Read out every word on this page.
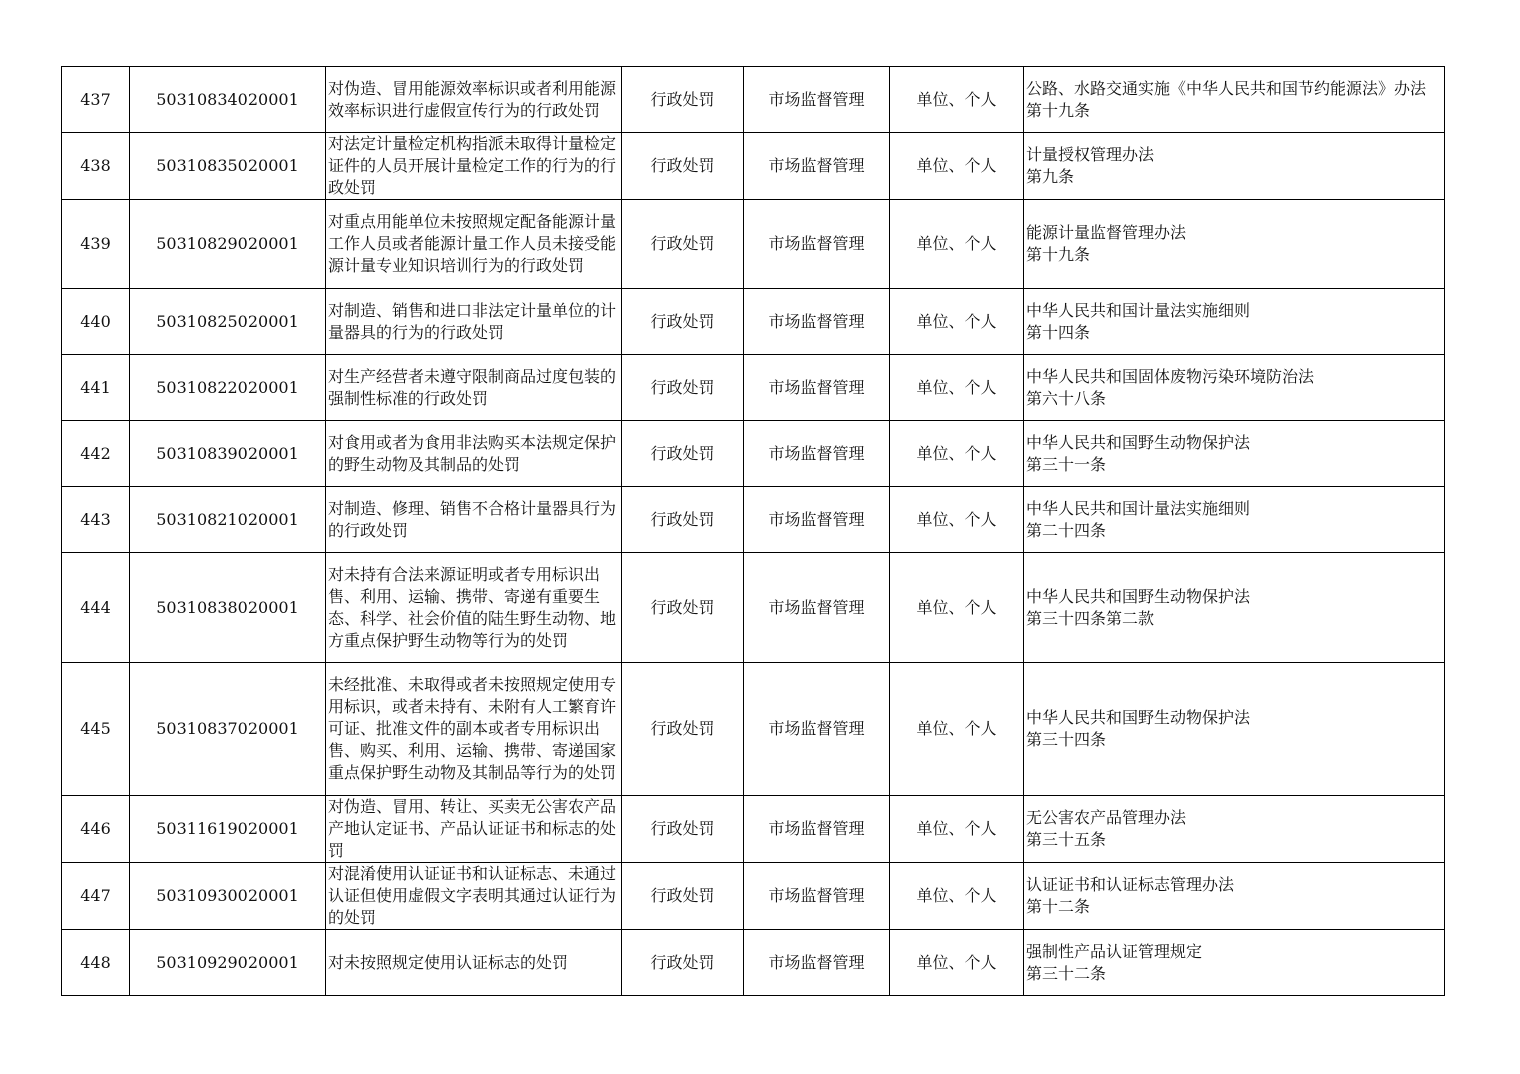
437	50310834020001	对伪造、冒用能源效率标识或者利用能源效率标识进行虚假宣传行为的行政处罚	行政处罚	市场监督管理	单位、个人	公路、水路交通实施《中华人民共和国节约能源法》办法
第十九条

438	50310835020001	对法定计量检定机构指派未取得计量检定证件的人员开展计量检定工作的行为的行政处罚	行政处罚	市场监督管理	单位、个人	计量授权管理办法
第九条

439	50310829020001	对重点用能单位未按照规定配备能源计量工作人员或者能源计量工作人员未接受能源计量专业知识培训行为的行政处罚	行政处罚	市场监督管理	单位、个人	能源计量监督管理办法
第十九条

440	50310825020001	对制造、销售和进口非法定计量单位的计量器具的行为的行政处罚	行政处罚	市场监督管理	单位、个人	中华人民共和国计量法实施细则
第十四条

441	50310822020001	对生产经营者未遵守限制商品过度包装的强制性标准的行政处罚	行政处罚	市场监督管理	单位、个人	中华人民共和国固体废物污染环境防治法
第六十八条

442	50310839020001	对食用或者为食用非法购买本法规定保护的野生动物及其制品的处罚	行政处罚	市场监督管理	单位、个人	中华人民共和国野生动物保护法
第三十一条

443	50310821020001	对制造、修理、销售不合格计量器具行为的行政处罚	行政处罚	市场监督管理	单位、个人	中华人民共和国计量法实施细则
第二十四条

444	50310838020001	对未持有合法来源证明或者专用标识出售、利用、运输、携带、寄递有重要生态、科学、社会价值的陆生野生动物、地方重点保护野生动物等行为的处罚	行政处罚	市场监督管理	单位、个人	中华人民共和国野生动物保护法
第三十四条第二款

445	50310837020001	未经批准、未取得或者未按照规定使用专用标识，或者未持有、未附有人工繁育许可证、批准文件的副本或者专用标识出售、购买、利用、运输、携带、寄递国家重点保护野生动物及其制品等行为的处罚	行政处罚	市场监督管理	单位、个人	中华人民共和国野生动物保护法
第三十四条

446	50311619020001	对伪造、冒用、转让、买卖无公害农产品产地认定证书、产品认证证书和标志的处罚	行政处罚	市场监督管理	单位、个人	无公害农产品管理办法
第三十五条

447	50310930020001	对混淆使用认证证书和认证标志、未通过认证但使用虚假文字表明其通过认证行为的处罚	行政处罚	市场监督管理	单位、个人	认证证书和认证标志管理办法
第十二条

448	50310929020001	对未按照规定使用认证标志的处罚	行政处罚	市场监督管理	单位、个人	强制性产品认证管理规定
第三十二条
